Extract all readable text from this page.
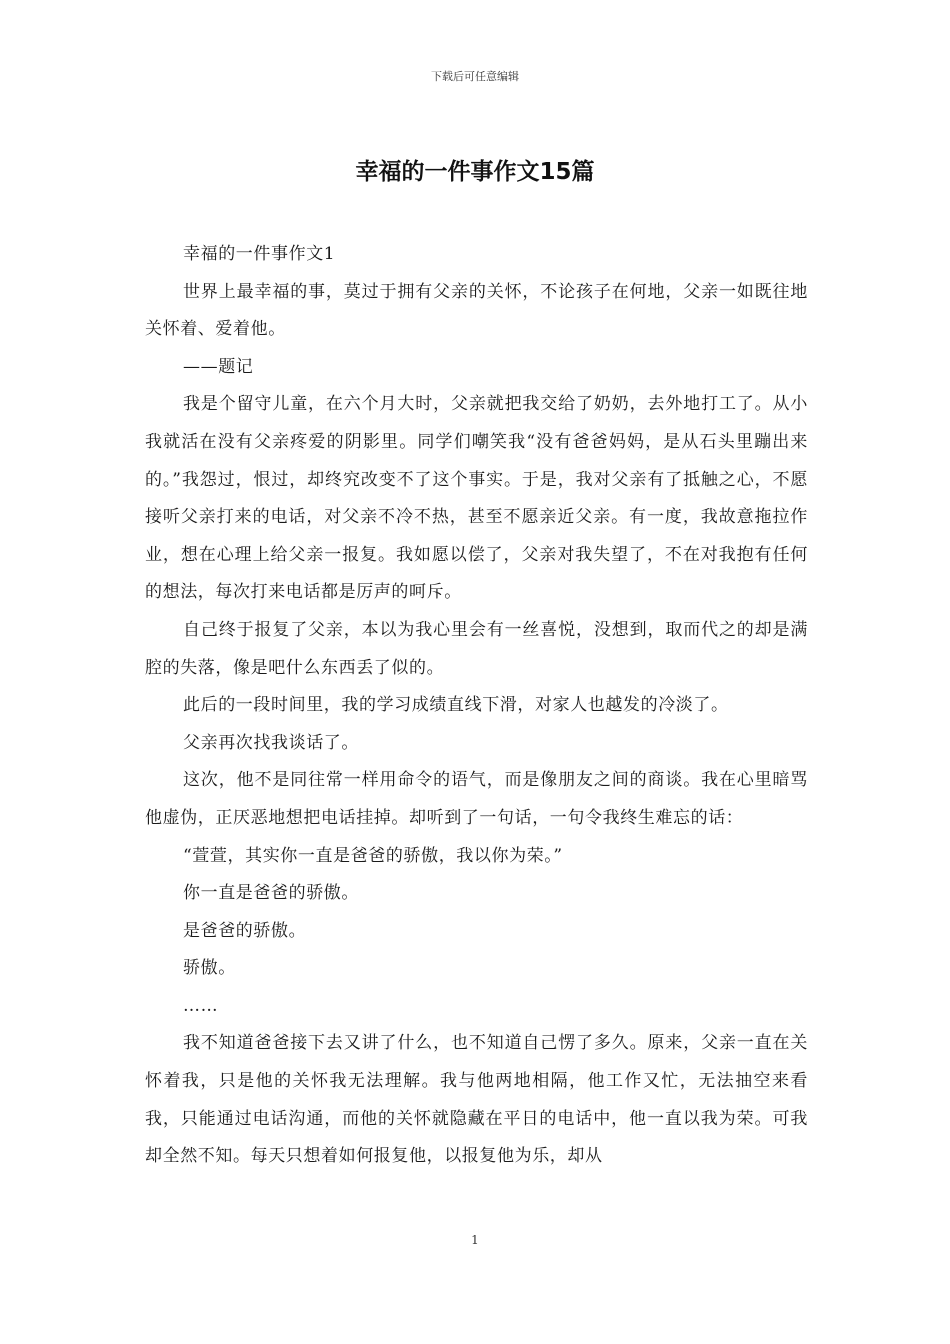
下载后可任意编辑
幸福的一件事作文15篇

幸福的一件事作文1

世界上最幸福的事，莫过于拥有父亲的关怀，不论孩子在何地，父亲一如既往地关怀着、爱着他。

——题记

我是个留守儿童，在六个月大时，父亲就把我交给了奶奶，去外地打工了。从小我就活在没有父亲疼爱的阴影里。同学们嘲笑我“没有爸爸妈妈，是从石头里蹦出来的。”我怨过，恨过，却终究改变不了这个事实。于是，我对父亲有了抵触之心，不愿接听父亲打来的电话，对父亲不冷不热，甚至不愿亲近父亲。有一度，我故意拖拉作业，想在心理上给父亲一报复。我如愿以偿了，父亲对我失望了，不在对我抱有任何的想法，每次打来电话都是厉声的呵斥。

自己终于报复了父亲，本以为我心里会有一丝喜悦，没想到，取而代之的却是满腔的失落，像是吧什么东西丢了似的。

此后的一段时间里，我的学习成绩直线下滑，对家人也越发的冷淡了。

父亲再次找我谈话了。

这次，他不是同往常一样用命令的语气，而是像朋友之间的商谈。我在心里暗骂他虚伪，正厌恶地想把电话挂掉。却听到了一句话，一句令我终生难忘的话：

“萱萱，其实你一直是爸爸的骄傲，我以你为荣。”

你一直是爸爸的骄傲。

是爸爸的骄傲。

骄傲。

……

我不知道爸爸接下去又讲了什么，也不知道自己愣了多久。原来，父亲一直在关怀着我，只是他的关怀我无法理解。我与他两地相隔，他工作又忙，无法抽空来看我，只能通过电话沟通，而他的关怀就隐藏在平日的电话中，他一直以我为荣。可我却全然不知。每天只想着如何报复他，以报复他为乐，却从

1
